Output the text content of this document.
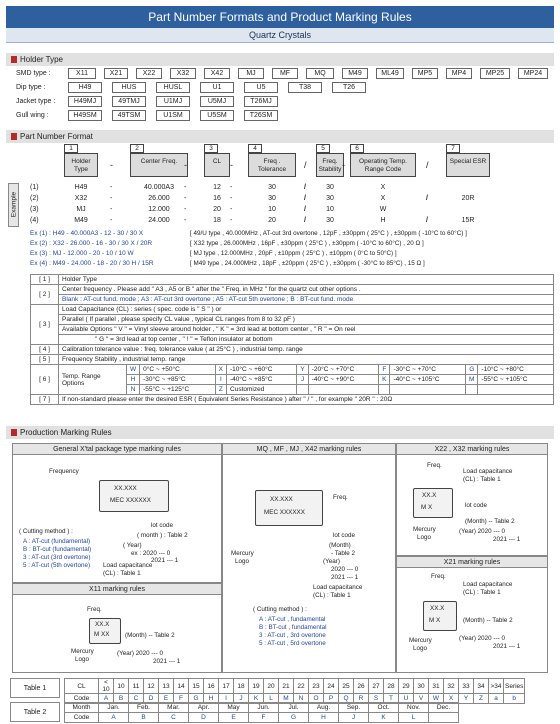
Part Number Formats and Product Marking Rules
Quartz Crystals
Holder Type
SMD type :	X11	X21	X22	X32	X42	MJ	MF	MQ	M49	ML49	MP5	MP4	MP25	MP24
Dip type :	H49	HUS	HUSL	U1	U5	T38	T26
Jacket type :	H49MJ	49TMJ	U1MJ	U5MJ	T26MJ
Gull wing :	H49SM	49TSM	U1SM	U5SM	T26SM
Part Number Format
1
Holder Type
2
Center Freq.
3
CL
4
Freq . Tolerance
5
Freq. Stability
6
Operating Temp. Range Code
7
Special ESR
-	-	-	-
/	/
Example
(1)	H49	40.000A3	12	30	30	X
-	-	-	/
(2)	X32	26.000	16	30	30	X	20R
-	-	-	/	/
(3)	MJ	12.000	20	10	10	W
-	-	-	/
(4)	M49	24.000	18	20	30	H	15R
-	-	-	/	/
Ex (1) : H49 - 40.000A3 - 12 - 30 / 30 X	[ 49/U type , 40.000MHz , AT-cut 3rd overtone , 12pF , ±30ppm ( 25°C ) , ±30ppm ( -10°C to 60°C) ]
Ex (2) : X32 - 26.000 - 16 - 30 / 30 X / 20R	[ X32 type , 26.000MHz , 16pF , ±30ppm ( 25°C ) , ±30ppm ( -10°C to 60°C) , 20 Ω ]
Ex (3) : MJ - 12.000 - 20 - 10 / 10 W	[ MJ type , 12.000MHz , 20pF , ±10ppm ( 25°C ) , ±10ppm ( 0°C to 50°C) ]
Ex (4) : M49 - 24.000 - 18 - 20 / 30 H / 15R	[ M49 type , 24.000MHz , 18pF , ±20ppm ( 25°C ) , ±30ppm ( -30°C to 85°C) , 15 Ω ]
[ 1 ]	Holder Type										
[ 2 ]	Center frequency . Please add " A3 , A5 or B " after the " Freq. in MHz " for the quartz cut other options .										
	Blank : AT-cut fund. mode ; A3 : AT-cut 3rd overtone ; A5 : AT-cut 5th overtone ; B : BT-cut fund. mode										
[ 3 ]	Load Capacitance (CL) : series ( spec. code is " S " ) or										
	Parallel ( If parallel , please specify CL value , typical CL ranges from 8 to 32 pF )										
	Available Options " V " = Vinyl sleeve around holder , " K " = 3rd lead at bottom center , " R " = On reel										
	" G " = 3rd lead at top center , " ! " = Teflon insulator at bottom										
[ 4 ]	Calibration tolerance value : freq. tolerance value ( at 25°C ) , industrial temp. range										
[ 5 ]	Frequency Stability , industrial temp. range										
[ 6 ]	Temp. Range Options	W	0°C ~ +50°C	X	-10°C ~ +60°C	Y	-20°C ~ +70°C	F	-30°C ~ +70°C	G	-10°C ~ +80°C
		H	-30°C ~ +85°C	I	-40°C ~ +85°C	J	-40°C ~ +90°C	K	-40°C ~ +105°C	M	-55°C ~ +105°C
		N	-55°C ~ +125°C	Z	Customized						
[ 7 ]	If non-standard please enter the desired ESR ( Equivalent Series Resistance ) after " / " , for example " 20R " : 20Ω										
Production Marking Rules
General X'tal package type marking rules
Frequency
XX.XXX
MEC XXXXXX
lot code
( month ) : Table 2
( Year)
ex : 2020 --- 0
2021 --- 1
( Cutting method ) :
A : AT-cut (fundamental)
B : BT-cut (fundamental)
3 : AT-cut (3rd overtone)
5 : AT-cut (5th overtone) Load capacitance
(CL) : Table 1
X11 marking rules
Freq.
XX.X
M XX (Month) -- Table 2
(Year) 2020 --- 0
2021 --- 1
Mercury
Logo
MQ , MF , MJ , X42 marking rules
XX.XXX
MEC XXXXXX
Freq.
lot code
(Month)
- Table 2
(Year)
2020 --- 0
2021 --- 1
Load capacitance
(CL) : Table 1
Mercury
Logo
( Cutting method ) :
A : AT-cut , fundamental
B : BT-cut , fundamental
3 : AT-cut , 3rd overtone
5 : AT-cut , 5rd overtone
X22 , X32 marking rules
Freq.
Load capacitance
(CL) : Table 1
XX.X
M X	lot code
(Month) -- Table 2
(Year) 2020 --- 0
2021 --- 1
Mercury
Logo
X21 marking rules
Freq.
Load capacitance
(CL) : Table 1
XX.X
M X	(Month) -- Table 2
(Year) 2020 --- 0
2021 --- 1
Mercury
Logo
Table 1	CL	< 10	10	11	12	13	14	15	16	17	18	19	20	21	22	23	24	25	26	27	28	29	30	31	32	33	34	>34	Series
Code	A	B	C	D	E	F	G	H	I	J	K	L	M	N	O	P	Q	R	S	T	U	V	W	X	Y	Z	a	b
Table 2
Month	Jan.	Feb.	Mar.	Apr.	May	Jun.	Jul.	Aug.	Sep.	Oct.	Nov.	Dec.
Code	A	B	C	D	E	F	G	H	J	K	L	
